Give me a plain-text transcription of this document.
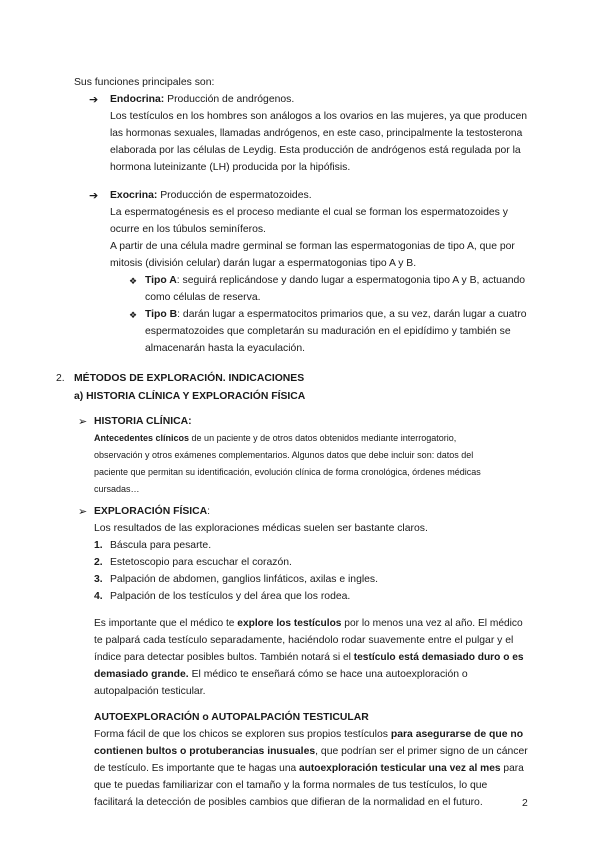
Sus funciones principales son:

➔ Endocrina: Producción de andrógenos.

Los testículos en los hombres son análogos a los ovarios en las mujeres, ya que producen

las hormonas sexuales, llamadas andrógenos, en este caso, principalmente la testosterona

elaborada por las células de Leydig. Esta producción de andrógenos está regulada por la

hormona luteinizante (LH) producida por la hipófisis.

➔ Exocrina: Producción de espermatozoides.

La espermatogénesis es el proceso mediante el cual se forman los espermatozoides y

ocurre en los túbulos seminíferos.

A partir de una célula madre germinal se forman las espermatogonias de tipo A, que por

mitosis (división celular) darán lugar a espermatogonias tipo A y B.

❖ Tipo A: seguirá replicándose y dando lugar a espermatogonia tipo A y B, actuando

como células de reserva.

❖ Tipo B: darán lugar a espermatocitos primarios que, a su vez, darán lugar a cuatro

espermatozoides que completarán su maduración en el epidídimo y también se

almacenarán hasta la eyaculación.

2. MÉTODOS DE EXPLORACIÓN. INDICACIONES

a) HISTORIA CLÍNICA Y EXPLORACIÓN FÍSICA

➢ HISTORIA CLÍNICA:

Antecedentes clínicos de un paciente y de otros datos obtenidos mediante interrogatorio,

observación y otros exámenes complementarios. Algunos datos que debe incluir son: datos del

paciente que permitan su identificación, evolución clínica de forma cronológica, órdenes médicas

cursadas…

➢ EXPLORACIÓN FÍSICA:

Los resultados de las exploraciones médicas suelen ser bastante claros.

1. Báscula para pesarte.

2. Estetoscopio para escuchar el corazón.

3. Palpación de abdomen, ganglios linfáticos, axilas e ingles.

4. Palpación de los testículos y del área que los rodea.

Es importante que el médico te explore los testículos por lo menos una vez al año. El médico

te palpará cada testículo separadamente, haciéndolo rodar suavemente entre el pulgar y el

índice para detectar posibles bultos. También notará si el testículo está demasiado duro o es

demasiado grande. El médico te enseñará cómo se hace una autoexploración o

autopalpación testicular.

AUTOEXPLORACIÓN o AUTOPALPACIÓN TESTICULAR

Forma fácil de que los chicos se exploren sus propios testículos para asegurarse de que no

contienen bultos o protuberancias inusuales, que podrían ser el primer signo de un cáncer

de testículo. Es importante que te hagas una autoexploración testicular una vez al mes para

que te puedas familiarizar con el tamaño y la forma normales de tus testículos, lo que

facilitará la detección de posibles cambios que difieran de la normalidad en el futuro.	2
